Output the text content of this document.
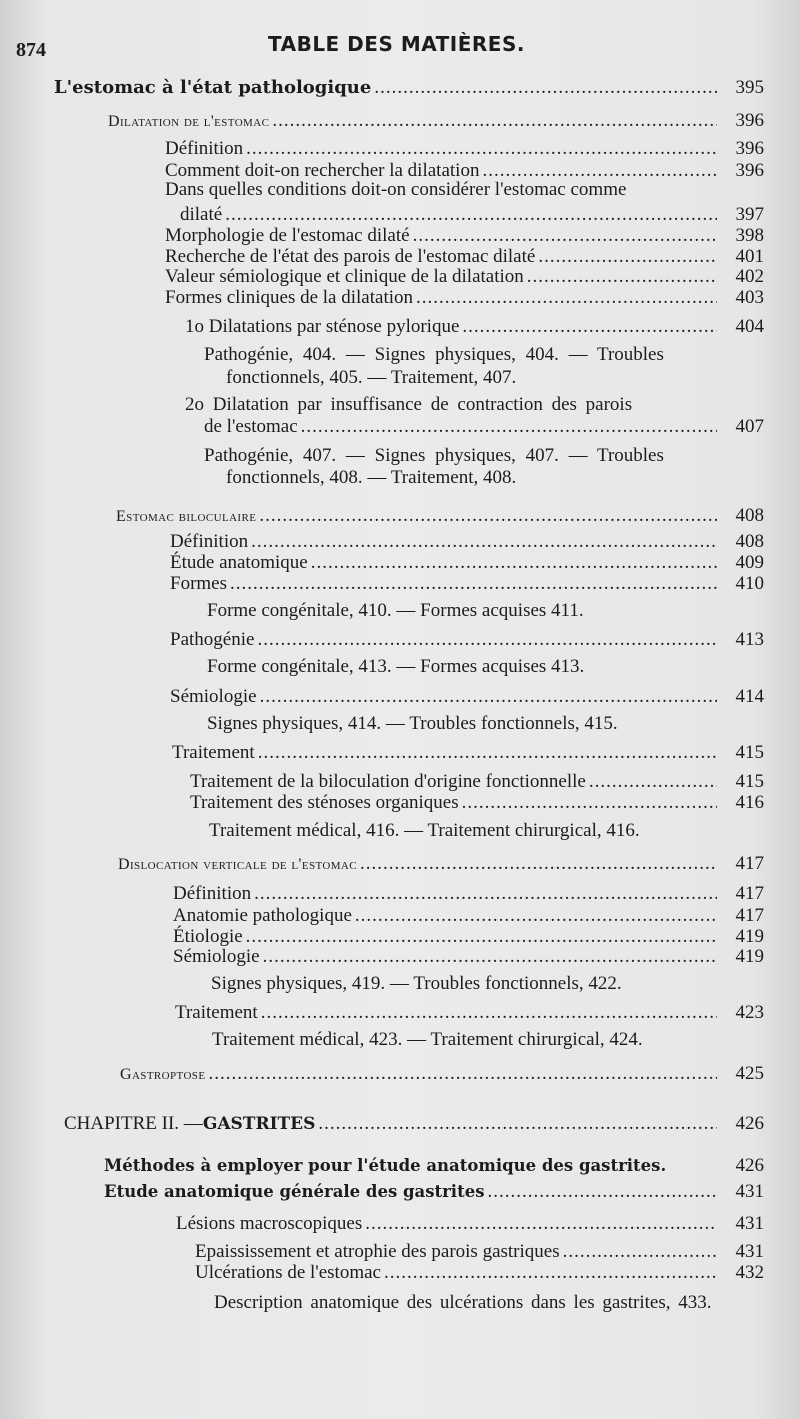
874	TABLE DES MATIÈRES.
L'estomac à l'état pathologique .....	395
Dilatation de l'estomac .....	396
Définition .....	396
Comment doit-on rechercher la dilatation .....	396
Dans quelles conditions doit-on considérer l'estomac comme
dilaté .....	397
Morphologie de l'estomac dilaté .....	398
Recherche de l'état des parois de l'estomac dilaté .....	401
Valeur sémiologique et clinique de la dilatation .....	402
Formes cliniques de la dilatation .....	403
1o Dilatations par sténose pylorique .....	404
Pathogénie, 404. — Signes physiques, 404. — Troubles
fonctionnels, 405. — Traitement, 407.
2o Dilatation par insuffisance de contraction des parois
de l'estomac .....	407
Pathogénie, 407. — Signes physiques, 407. — Troubles
fonctionnels, 408. — Traitement, 408.
Estomac biloculaire .....	408
Définition .....	408
Étude anatomique .....	409
Formes .....	410
Forme congénitale, 410. — Formes acquises 411.
Pathogénie .....	413
Forme congénitale, 413. — Formes acquises 413.
Sémiologie .....	414
Signes physiques, 414. — Troubles fonctionnels, 415.
Traitement .....	415
Traitement de la biloculation d'origine fonctionnelle .....	415
Traitement des sténoses organiques .....	416
Traitement médical, 416. — Traitement chirurgical, 416.
Dislocation verticale de l'estomac .....	417
Définition .....	417
Anatomie pathologique .....	417
Étiologie .....	419
Sémiologie .....	419
Signes physiques, 419. — Troubles fonctionnels, 422.
Traitement .....	423
Traitement médical, 423. — Traitement chirurgical, 424.
Gastroptose .....	425
CHAPITRE II. — GASTRITES .....	426
Méthodes à employer pour l'étude anatomique des gastrites.	426
Etude anatomique générale des gastrites .....	431
Lésions macroscopiques .....	431
Epaississement et atrophie des parois gastriques .....	431
Ulcérations de l'estomac .....	432
Description anatomique des ulcérations dans les gastrites, 433.
